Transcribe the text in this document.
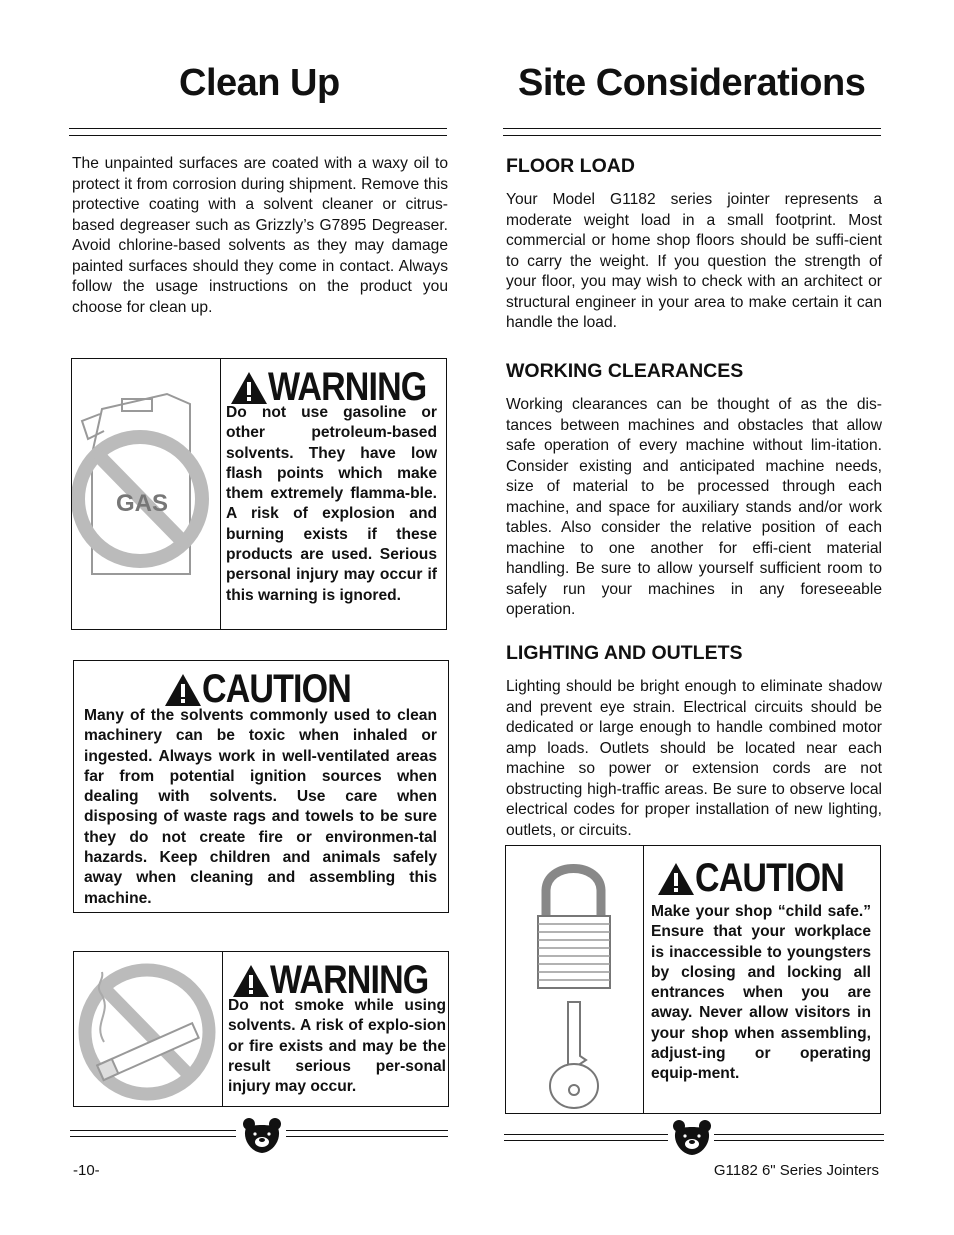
Clean Up

The unpainted surfaces are coated with a waxy oil to protect it from corrosion during shipment. Remove this protective coating with a solvent cleaner or citrus-based degreaser such as Grizzly’s G7895 Degreaser. Avoid chlorine-based solvents as they may damage painted surfaces should they come in contact. Always follow the usage instructions on the product you choose for clean up.

GAS
WARNING
Do not use gasoline or other petroleum-based solvents. They have low flash points which make them extremely flamma-ble. A risk of explosion and burning exists if these products are used. Serious personal injury may occur if this warning is ignored.
CAUTION
Many of the solvents commonly used to clean machinery can be toxic when inhaled or ingested. Always work in well-ventilated areas far from potential ignition sources when dealing with solvents. Use care when disposing of waste rags and towels to be sure they do not create fire or environmen-tal hazards. Keep children and animals safely away when cleaning and assembling this machine.
WARNING
Do not smoke while using solvents. A risk of explo-sion or fire exists and may be the result serious per-sonal injury may occur.
Site Considerations
FLOOR LOAD

Your Model G1182 series jointer represents a moderate weight load in a small footprint. Most commercial or home shop floors should be suffi-cient to carry the weight. If you question the strength of your floor, you may wish to check with an architect or structural engineer in your area to make certain it can handle the load.

WORKING CLEARANCES

Working clearances can be thought of as the dis-tances between machines and obstacles that allow safe operation of every machine without lim-itation. Consider existing and anticipated machine needs, size of material to be processed through each machine, and space for auxiliary stands and/or work tables. Also consider the relative position of each machine to one another for effi-cient material handling. Be sure to allow yourself sufficient room to safely run your machines in any foreseeable operation.

LIGHTING AND OUTLETS

Lighting should be bright enough to eliminate shadow and prevent eye strain. Electrical circuits should be dedicated or large enough to handle combined motor amp loads. Outlets should be located near each machine so power or extension cords are not obstructing high-traffic areas. Be sure to observe local electrical codes for proper installation of new lighting, outlets, or circuits.

CAUTION
Make your shop “child safe.” Ensure that your workplace is inaccessible to youngsters by closing and locking all entrances when you are away. Never allow visitors in your shop when assembling, adjust-ing or operating equip-ment.
-10-	G1182 6" Series Jointers
